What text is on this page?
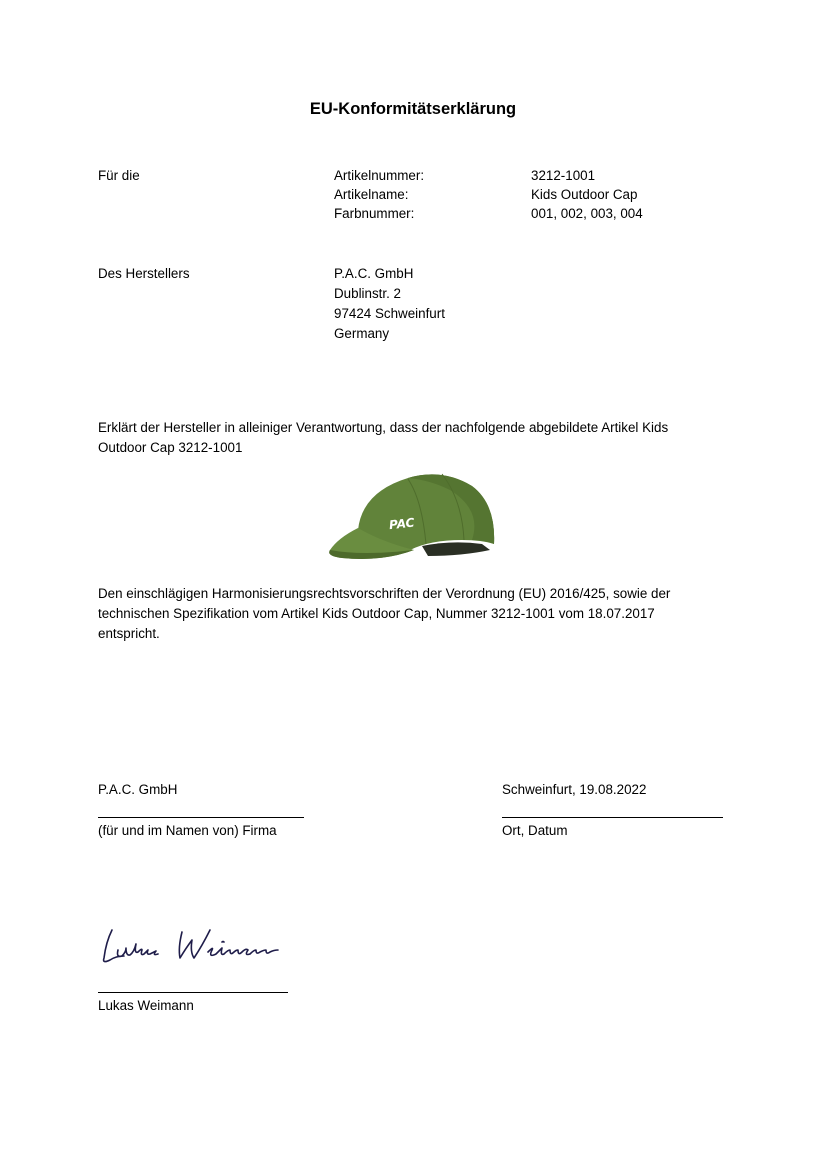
EU-Konformitätserklärung
Für die	Artikelnummer:	3212-1001
Artikelname:	Kids Outdoor Cap
Farbnummer:	001, 002, 003, 004
Des Herstellers	P.A.C. GmbH
Dublinstr. 2
97424 Schweinfurt
Germany
Erklärt der Hersteller in alleiniger Verantwortung, dass der nachfolgende abgebildete Artikel Kids Outdoor Cap 3212-1001
PAC
Den einschlägigen Harmonisierungsrechtsvorschriften der Verordnung (EU) 2016/425, sowie der technischen Spezifikation vom Artikel Kids Outdoor Cap, Nummer 3212-1001 vom 18.07.2017 entspricht.
P.A.C. GmbH
(für und im Namen von) Firma
Schweinfurt, 19.08.2022
Ort, Datum
Lukas Weimann
